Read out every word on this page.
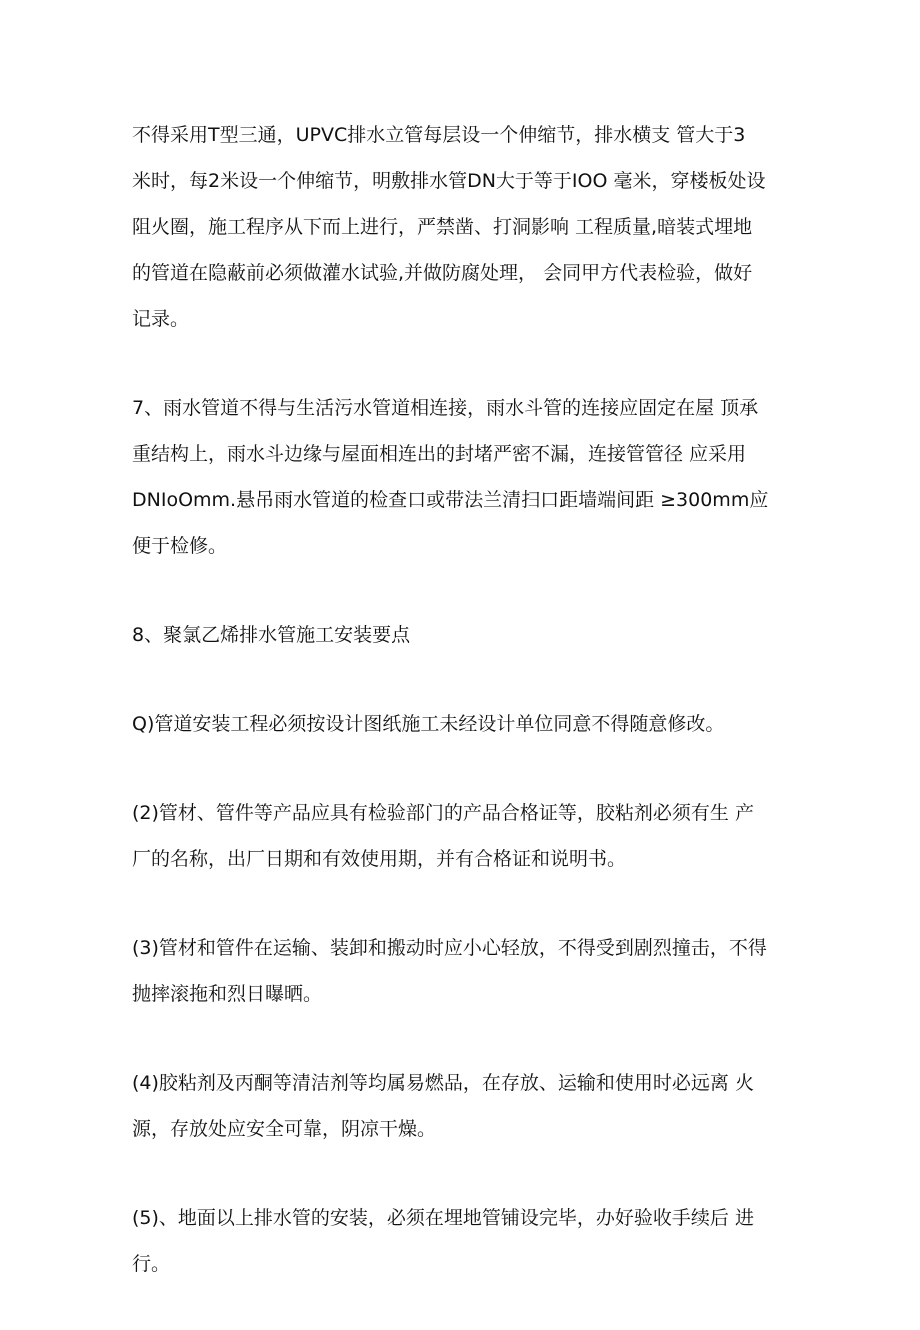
不得采用T型三通，UPVC排水立管每层设一个伸缩节，排水横支 管大于3
米时，每2米设一个伸缩节，明敷排水管DN大于等于IOO 毫米，穿楼板处设
阻火圈，施工程序从下而上进行，严禁凿、打洞影响 工程质量,暗装式埋地
的管道在隐蔽前必须做灌水试验,并做防腐处理， 会同甲方代表检验，做好
记录。

7、雨水管道不得与生活污水管道相连接，雨水斗管的连接应固定在屋 顶承
重结构上，雨水斗边缘与屋面相连出的封堵严密不漏，连接管管径 应采用
DNIoOmm.悬吊雨水管道的检查口或带法兰清扫口距墙端间距 ≥300mm应
便于检修。

8、聚氯乙烯排水管施工安装要点

Q)管道安装工程必须按设计图纸施工未经设计单位同意不得随意修改。

(2)管材、管件等产品应具有检验部门的产品合格证等，胶粘剂必须有生 产
厂的名称，出厂日期和有效使用期，并有合格证和说明书。

(3)管材和管件在运输、装卸和搬动时应小心轻放，不得受到剧烈撞击，不得
抛摔滚拖和烈日曝晒。

(4)胶粘剂及丙酮等清洁剂等均属易燃品，在存放、运输和使用时必远离 火
源，存放处应安全可靠，阴凉干燥。

(5)、地面以上排水管的安装，必须在埋地管铺设完毕，办好验收手续后 进
行。
